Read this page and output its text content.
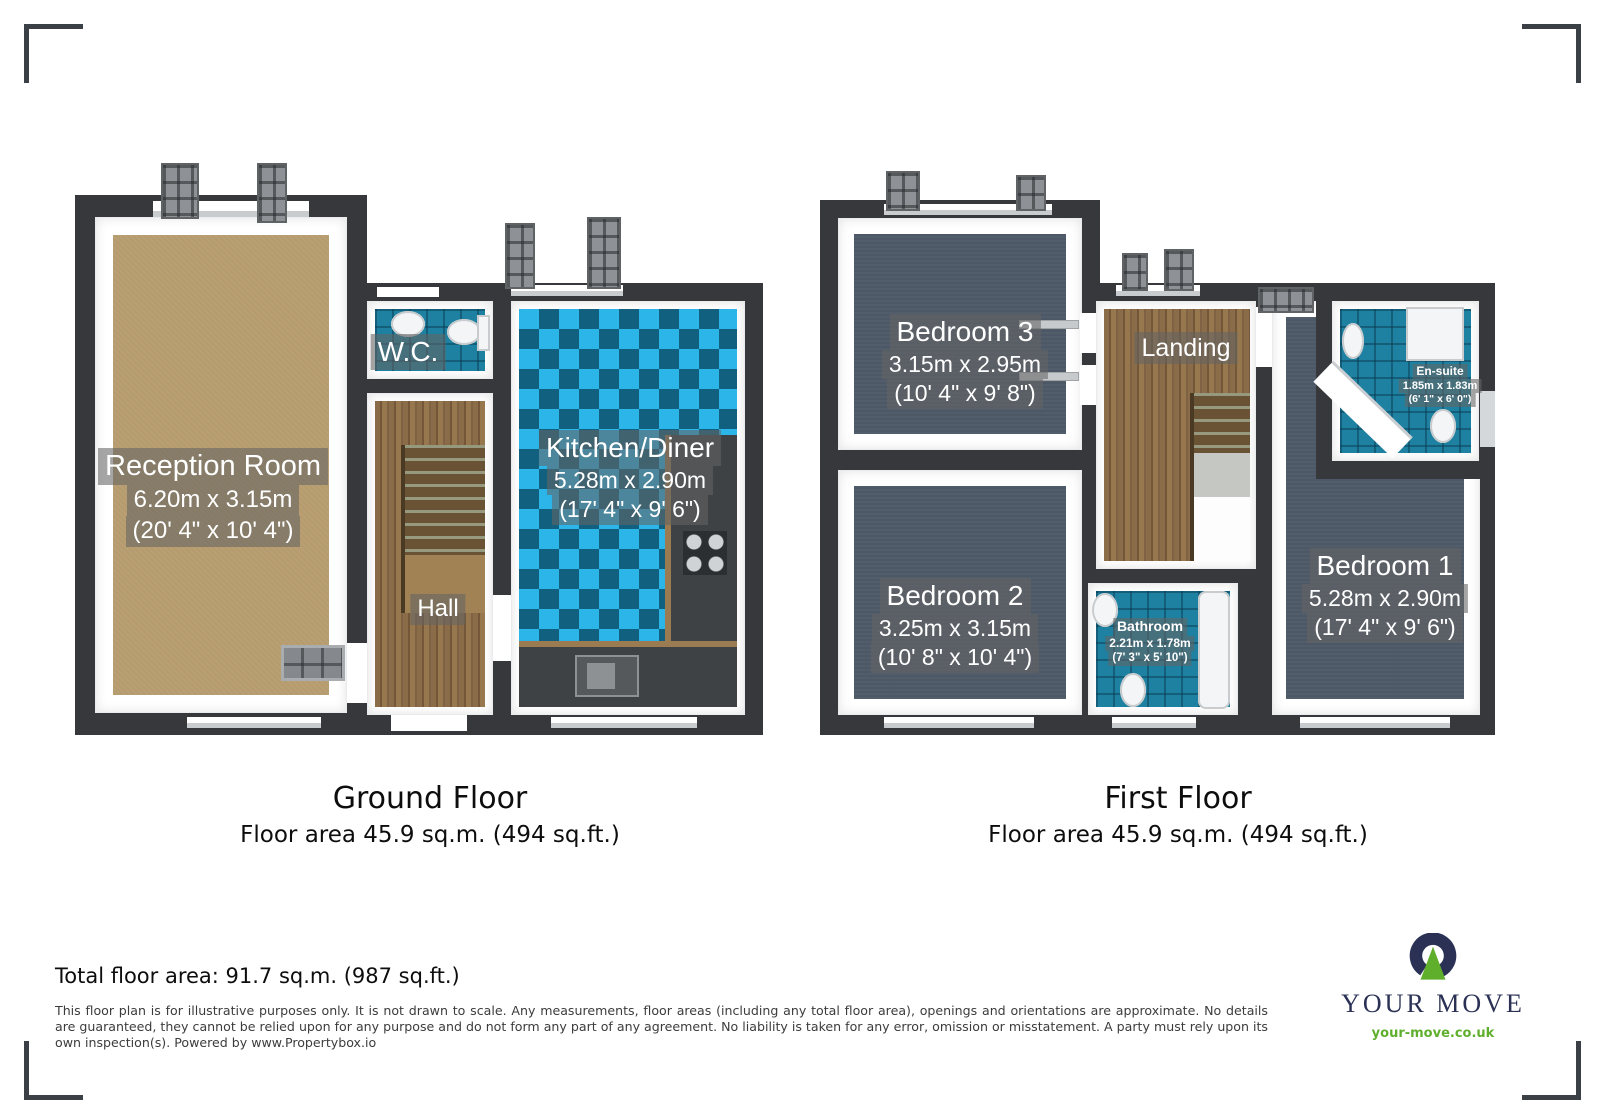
Reception Room
6.20m x 3.15m
(20' 4" x 10' 4")
W.C.
Hall
Kitchen/Diner
5.28m x 2.90m
(17' 4" x 9' 6")
Bedroom 3
3.15m x 2.95m
(10' 4" x 9' 8")
Landing
En-suite
1.85m x 1.83m
(6' 1" x 6' 0")
Bedroom 2
3.25m x 3.15m
(10' 8" x 10' 4")
Bathroom
2.21m x 1.78m
(7' 3" x 5' 10")
Bedroom 1
5.28m x 2.90m
(17' 4" x 9' 6")
Ground Floor
Floor area 45.9 sq.m. (494 sq.ft.)
First Floor
Floor area 45.9 sq.m. (494 sq.ft.)
Total floor area: 91.7 sq.m. (987 sq.ft.)
This floor plan is for illustrative purposes only. It is not drawn to scale. Any measurements, floor areas (including any total floor area), openings and orientations are approximate. No details are guaranteed, they cannot be relied upon for any purpose and do not form any part of any agreement. No liability is taken for any error, omission or misstatement. A party must rely upon its own inspection(s). Powered by www.Propertybox.io
YOUR MOVE
your-move.co.uk
